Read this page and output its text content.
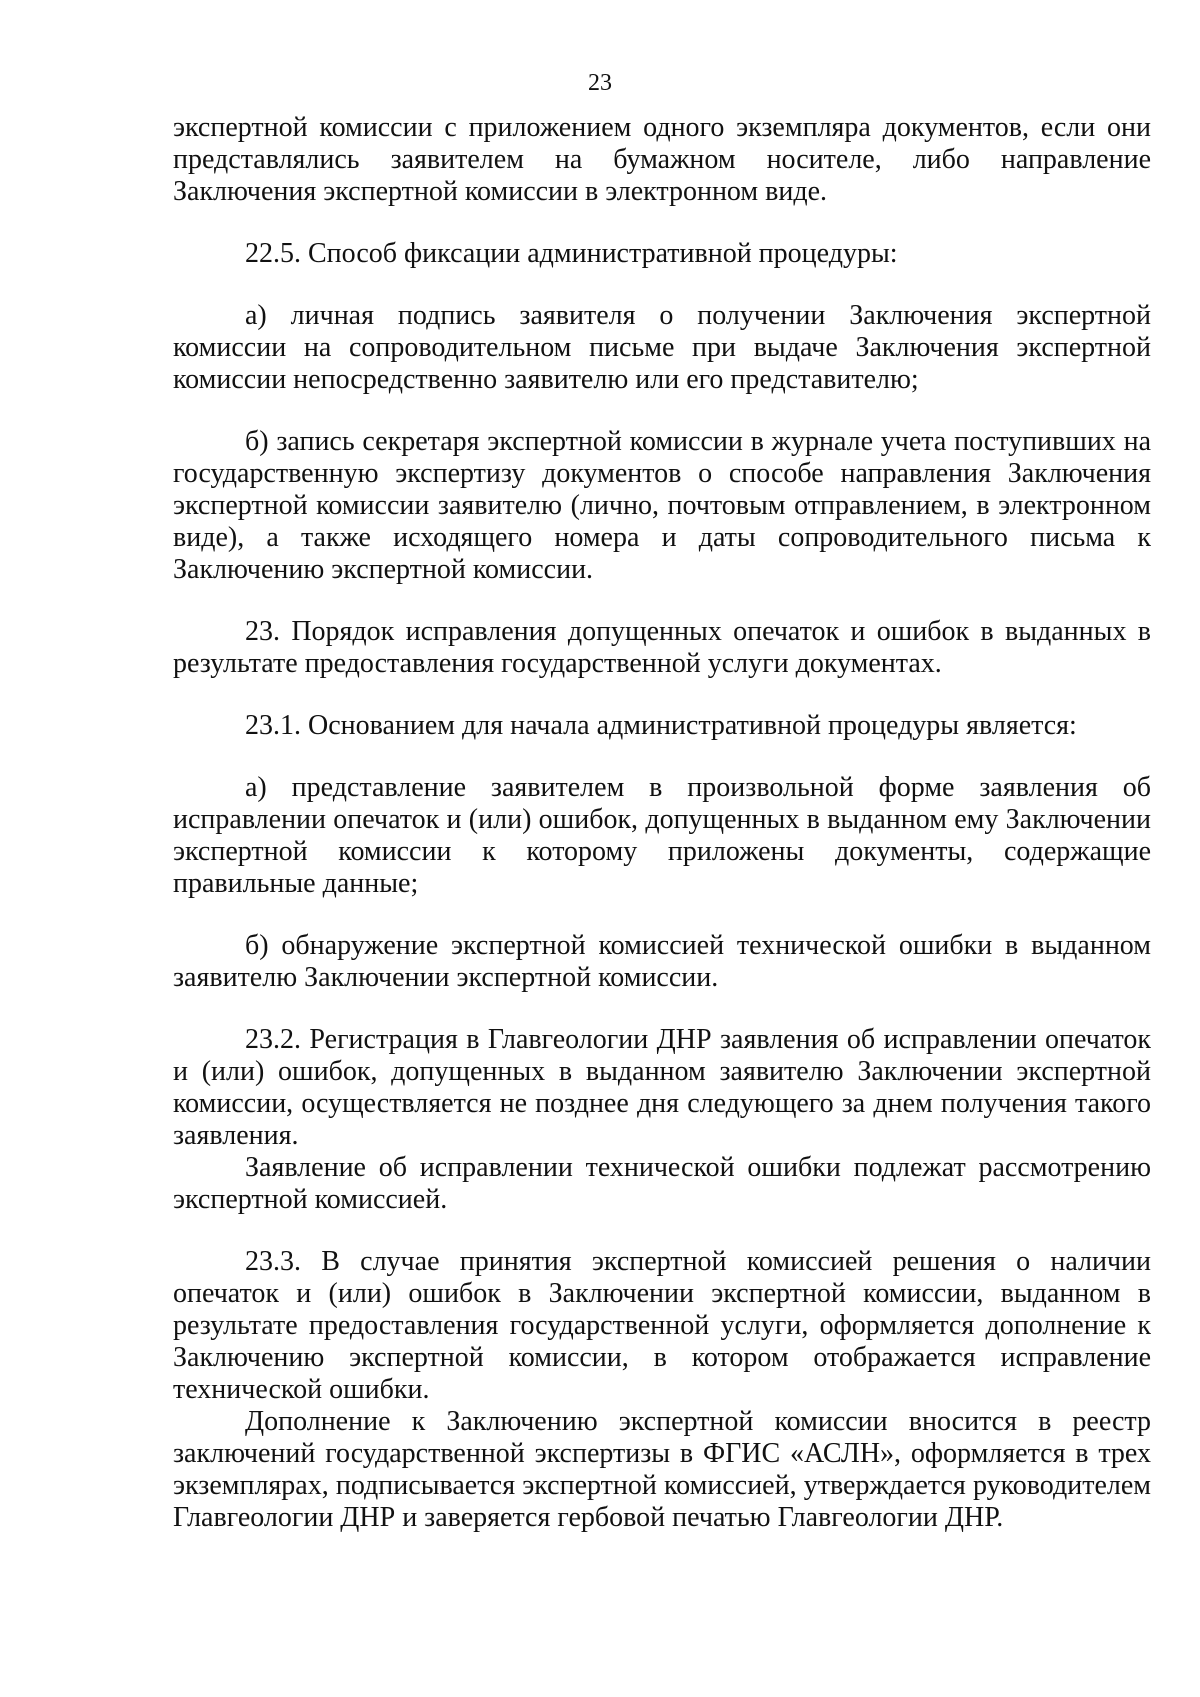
23

экспертной комиссии с приложением одного экземпляра документов, если они представлялись заявителем на бумажном носителе, либо направление Заключения экспертной комиссии в электронном виде.

22.5. Способ фиксации административной процедуры:

а) личная подпись заявителя о получении Заключения экспертной комиссии на сопроводительном письме при выдаче Заключения экспертной комиссии непосредственно заявителю или его представителю;

б) запись секретаря экспертной комиссии в журнале учета поступивших на государственную экспертизу документов о способе направления Заключения экспертной комиссии заявителю (лично, почтовым отправлением, в электронном виде), а также исходящего номера и даты сопроводительного письма к Заключению экспертной комиссии.

23. Порядок исправления допущенных опечаток и ошибок в выданных в результате предоставления государственной услуги документах.

23.1. Основанием для начала административной процедуры является:

а) представление заявителем в произвольной форме заявления об исправлении опечаток и (или) ошибок, допущенных в выданном ему Заключении экспертной комиссии к которому приложены документы, содержащие правильные данные;

б) обнаружение экспертной комиссией технической ошибки в выданном заявителю Заключении экспертной комиссии.

23.2. Регистрация в Главгеологии ДНР заявления об исправлении опечаток и (или) ошибок, допущенных в выданном заявителю Заключении экспертной комиссии, осуществляется не позднее дня следующего за днем получения такого заявления.

Заявление об исправлении технической ошибки подлежат рассмотрению экспертной комиссией.

23.3. В случае принятия экспертной комиссией решения о наличии опечаток и (или) ошибок в Заключении экспертной комиссии, выданном в результате предоставления государственной услуги, оформляется дополнение к Заключению экспертной комиссии, в котором отображается исправление технической ошибки.

Дополнение к Заключению экспертной комиссии вносится в реестр заключений государственной экспертизы в ФГИС «АСЛН», оформляется в трех экземплярах, подписывается экспертной комиссией, утверждается руководителем Главгеологии ДНР и заверяется гербовой печатью Главгеологии ДНР.
